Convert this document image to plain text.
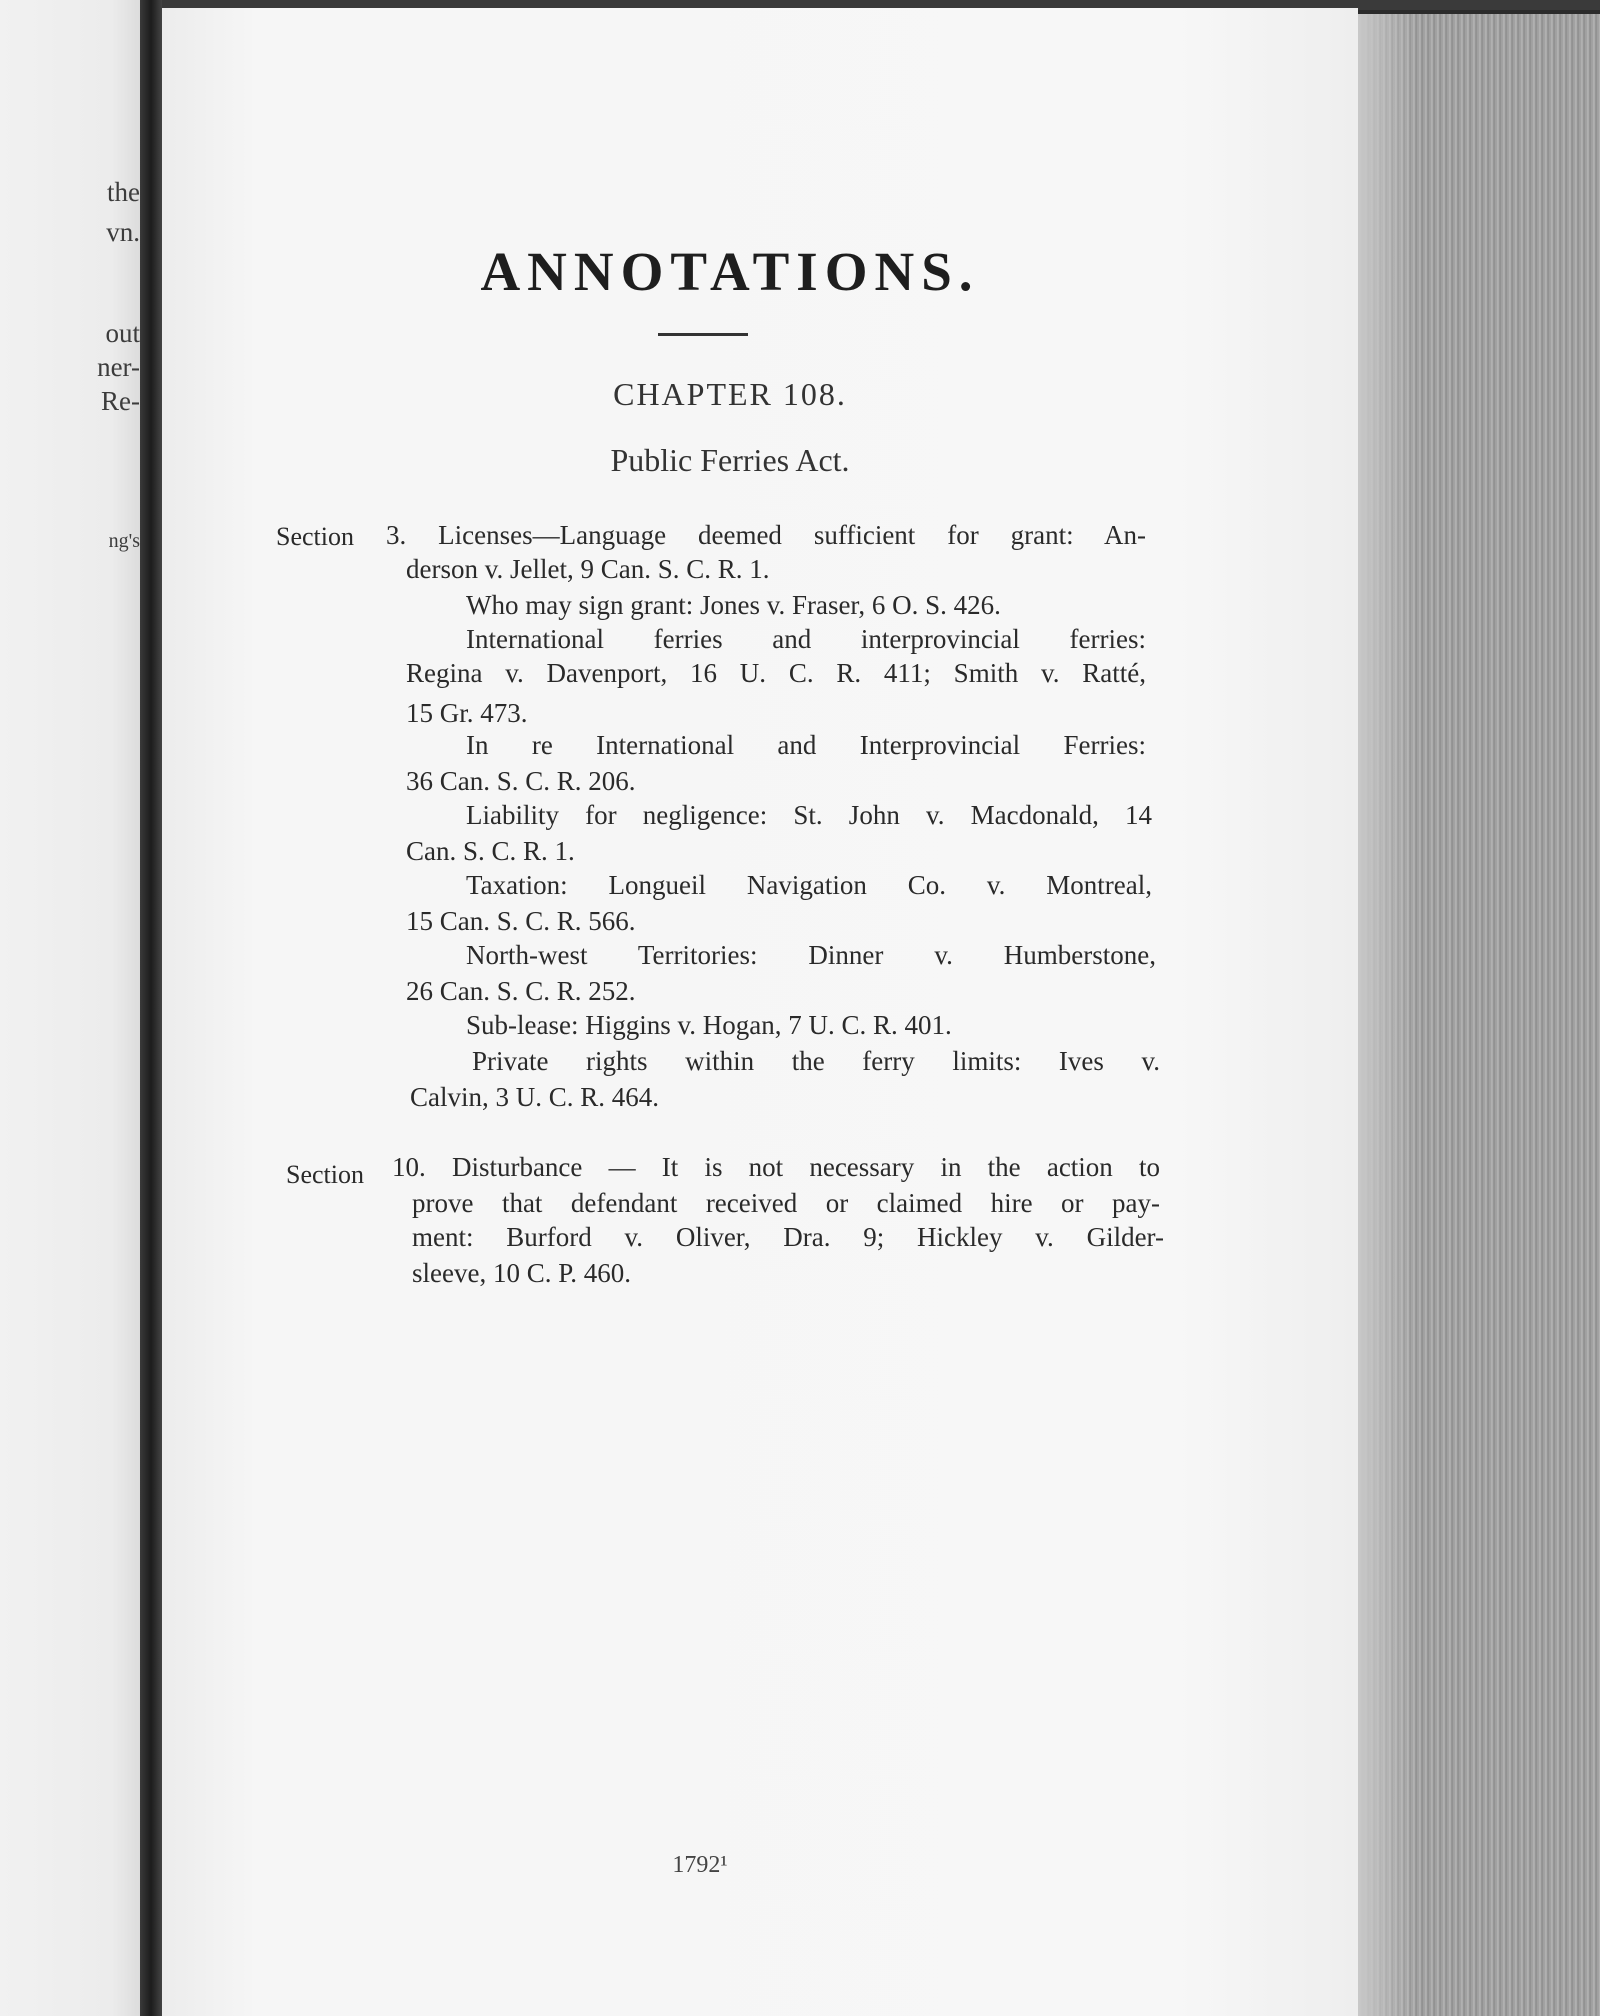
the
vn.
out
ner-
Re-
ng's
ANNOTATIONS.
CHAPTER 108.
Public Ferries Act.
Section 3. Licenses—Language deemed sufficient for grant: An-
derson v. Jellet, 9 Can. S. C. R. 1.
Who may sign grant: Jones v. Fraser, 6 O. S. 426.
International ferries and interprovincial ferries:
Regina v. Davenport, 16 U. C. R. 411; Smith v. Ratté,
15 Gr. 473.
In re International and Interprovincial Ferries:
36 Can. S. C. R. 206.
Liability for negligence: St. John v. Macdonald, 14
Can. S. C. R. 1.
Taxation: Longueil Navigation Co. v. Montreal,
15 Can. S. C. R. 566.
North-west Territories: Dinner v. Humberstone,
26 Can. S. C. R. 252.
Sub-lease: Higgins v. Hogan, 7 U. C. R. 401.
Private rights within the ferry limits: Ives v.
Calvin, 3 U. C. R. 464.
Section 10. Disturbance — It is not necessary in the action to
prove that defendant received or claimed hire or pay-
ment: Burford v. Oliver, Dra. 9; Hickley v. Gilder-
sleeve, 10 C. P. 460.
1792¹
